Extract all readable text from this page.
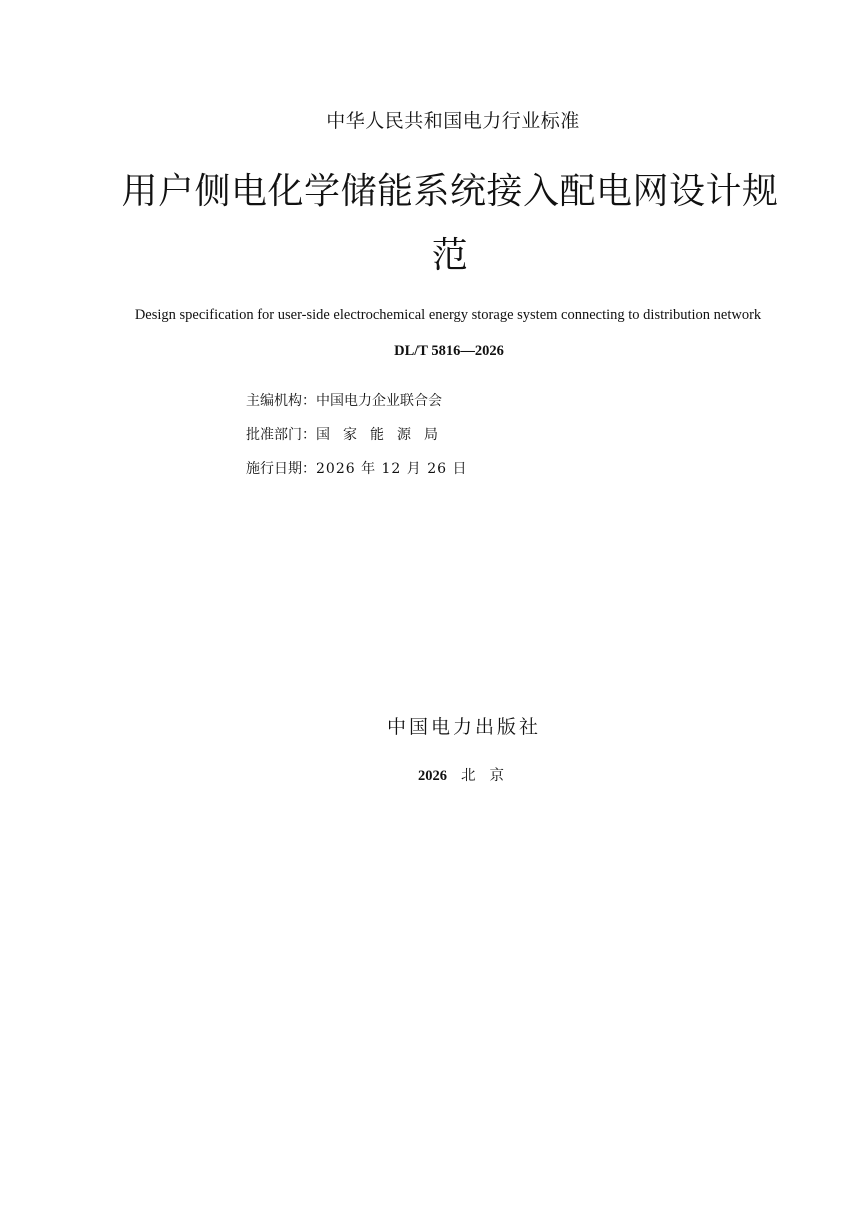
中华人民共和国电力行业标准
用户侧电化学储能系统接入配电网设计规
范
Design specification for user-side electrochemical energy storage system connecting to distribution network
DL/T 5816—2026
主编机构：中国电力企业联合会
批准部门：国家能源局
施行日期：2026 年 12 月 26 日
中国电力出版社
2026 北京
